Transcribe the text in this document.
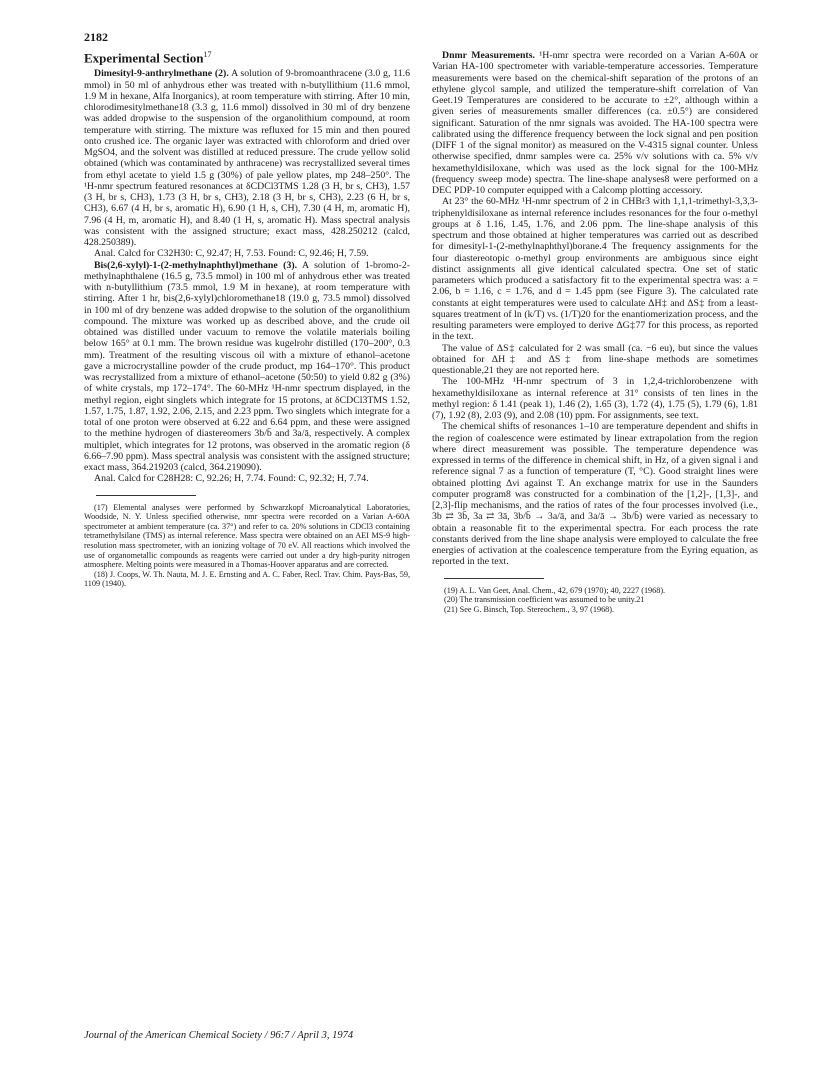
2182
Experimental Section$^{17}$

Dimesityl-9-anthrylmethane (2). A solution of 9-bromoanthracene (3.0 g, 11.6 mmol) in 50 ml of anhydrous ether was treated with n-butyllithium (11.6 mmol, 1.9 M in hexane, Alfa Inorganics), at room temperature with stirring. After 10 min, chlorodimesitylmethane18 (3.3 g, 11.6 mmol) dissolved in 30 ml of dry benzene was added dropwise to the suspension of the organolithium compound, at room temperature with stirring. The mixture was refluxed for 15 min and then poured onto crushed ice. The organic layer was extracted with chloroform and dried over MgSO4, and the solvent was distilled at reduced pressure. The crude yellow solid obtained (which was contaminated by anthracene) was recrystallized several times from ethyl acetate to yield 1.5 g (30%) of pale yellow plates, mp 248–250°. The ¹H-nmr spectrum featured resonances at δCDCl3TMS 1.28 (3 H, br s, CH3), 1.57 (3 H, br s, CH3), 1.73 (3 H, br s, CH3), 2.18 (3 H, br s, CH3), 2.23 (6 H, br s, CH3), 6.67 (4 H, br s, aromatic H), 6.90 (1 H, s, CH), 7.30 (4 H, m, aromatic H), 7.96 (4 H, m, aromatic H), and 8.40 (1 H, s, aromatic H). Mass spectral analysis was consistent with the assigned structure; exact mass, 428.250212 (calcd, 428.250389).

Anal. Calcd for C32H30: C, 92.47; H, 7.53. Found: C, 92.46; H, 7.59.

Bis(2,6-xylyl)-1-(2-methylnaphthyl)methane (3). A solution of 1-bromo-2-methylnaphthalene (16.5 g, 73.5 mmol) in 100 ml of anhydrous ether was treated with n-butyllithium (73.5 mmol, 1.9 M in hexane), at room temperature with stirring. After 1 hr, bis(2,6-xylyl)chloromethane18 (19.0 g, 73.5 mmol) dissolved in 100 ml of dry benzene was added dropwise to the solution of the organolithium compound. The mixture was worked up as described above, and the crude oil obtained was distilled under vacuum to remove the volatile materials boiling below 165° at 0.1 mm. The brown residue was kugelrohr distilled (170–200°, 0.3 mm). Treatment of the resulting viscous oil with a mixture of ethanol–acetone gave a microcrystalline powder of the crude product, mp 164–170°. This product was recrystallized from a mixture of ethanol–acetone (50:50) to yield 0.82 g (3%) of white crystals, mp 172–174°. The 60-MHz ¹H-nmr spectrum displayed, in the methyl region, eight singlets which integrate for 15 protons, at δCDCl3TMS 1.52, 1.57, 1.75, 1.87, 1.92, 2.06, 2.15, and 2.23 ppm. Two singlets which integrate for a total of one proton were observed at 6.22 and 6.64 ppm, and these were assigned to the methine hydrogen of diastereomers 3b/b̄ and 3a/ā, respectively. A complex multiplet, which integrates for 12 protons, was observed in the aromatic region (δ 6.66–7.90 ppm). Mass spectral analysis was consistent with the assigned structure; exact mass, 364.219203 (calcd, 364.219090).

Anal. Calcd for C28H28: C, 92.26; H, 7.74. Found: C, 92.32; H, 7.74.

(17) Elemental analyses were performed by Schwarzkopf Microanalytical Laboratories, Woodside, N. Y. Unless specified otherwise, nmr spectra were recorded on a Varian A-60A spectrometer at ambient temperature (ca. 37°) and refer to ca. 20% solutions in CDCl3 containing tetramethylsilane (TMS) as internal reference. Mass spectra were obtained on an AEI MS-9 high-resolution mass spectrometer, with an ionizing voltage of 70 eV. All reactions which involved the use of organometallic compounds as reagents were carried out under a dry high-purity nitrogen atmosphere. Melting points were measured in a Thomas-Hoover apparatus and are corrected.

(18) J. Coops, W. Th. Nauta, M. J. E. Ernsting and A. C. Faber, Recl. Trav. Chim. Pays-Bas, 59, 1109 (1940).

Dnmr Measurements. ¹H-nmr spectra were recorded on a Varian A-60A or Varian HA-100 spectrometer with variable-temperature accessories. Temperature measurements were based on the chemical-shift separation of the protons of an ethylene glycol sample, and utilized the temperature-shift correlation of Van Geet.19 Temperatures are considered to be accurate to ±2°, although within a given series of measurements smaller differences (ca. ±0.5°) are considered significant. Saturation of the nmr signals was avoided. The HA-100 spectra were calibrated using the difference frequency between the lock signal and pen position (DIFF 1 of the signal monitor) as measured on the V-4315 signal counter. Unless otherwise specified, dnmr samples were ca. 25% v/v solutions with ca. 5% v/v hexamethyldisiloxane, which was used as the lock signal for the 100-MHz (frequency sweep mode) spectra. The line-shape analyses8 were performed on a DEC PDP-10 computer equipped with a Calcomp plotting accessory.

At 23° the 60-MHz ¹H-nmr spectrum of 2 in CHBr3 with 1,1,1-trimethyl-3,3,3-triphenyldisiloxane as internal reference includes resonances for the four o-methyl groups at δ 1.16, 1.45, 1.76, and 2.06 ppm. The line-shape analysis of this spectrum and those obtained at higher temperatures was carried out as described for dimesityl-1-(2-methylnaphthyl)borane.4 The frequency assignments for the four diastereotopic o-methyl group environments are ambiguous since eight distinct assignments all give identical calculated spectra. One set of static parameters which produced a satisfactory fit to the experimental spectra was: a = 2.06, b = 1.16, c = 1.76, and d = 1.45 ppm (see Figure 3). The calculated rate constants at eight temperatures were used to calculate ΔH‡ and ΔS‡ from a least-squares treatment of ln (k/T) vs. (1/T)20 for the enantiomerization process, and the resulting parameters were employed to derive ΔG‡77 for this process, as reported in the text.

The value of ΔS‡ calculated for 2 was small (ca. −6 eu), but since the values obtained for ΔH‡ and ΔS‡ from line-shape methods are sometimes questionable,21 they are not reported here.

The 100-MHz ¹H-nmr spectrum of 3 in 1,2,4-trichlorobenzene with hexamethyldisiloxane as internal reference at 31° consists of ten lines in the methyl region: δ 1.41 (peak 1), 1.46 (2), 1.65 (3), 1.72 (4), 1.75 (5), 1.79 (6), 1.81 (7), 1.92 (8), 2.03 (9), and 2.08 (10) ppm. For assignments, see text.

The chemical shifts of resonances 1–10 are temperature dependent and shifts in the region of coalescence were estimated by linear extrapolation from the region where direct measurement was possible. The temperature dependence was expressed in terms of the difference in chemical shift, in Hz, of a given signal i and reference signal 7 as a function of temperature (T, °C). Good straight lines were obtained plotting Δνi against T. An exchange matrix for use in the Saunders computer program8 was constructed for a combination of the [1,2]-, [1,3]-, and [2,3]-flip mechanisms, and the ratios of rates of the four processes involved (i.e., 3b ⇄ 3b̄, 3a ⇄ 3ā, 3b/b̄ → 3a/ā, and 3a/ā → 3b/b̄) were varied as necessary to obtain a reasonable fit to the experimental spectra. For each process the rate constants derived from the line shape analysis were employed to calculate the free energies of activation at the coalescence temperature from the Eyring equation, as reported in the text.

(19) A. L. Van Geet, Anal. Chem., 42, 679 (1970); 40, 2227 (1968).

(20) The transmission coefficient was assumed to be unity.21

(21) See G. Binsch, Top. Stereochem., 3, 97 (1968).

Journal of the American Chemical Society / 96:7 / April 3, 1974
